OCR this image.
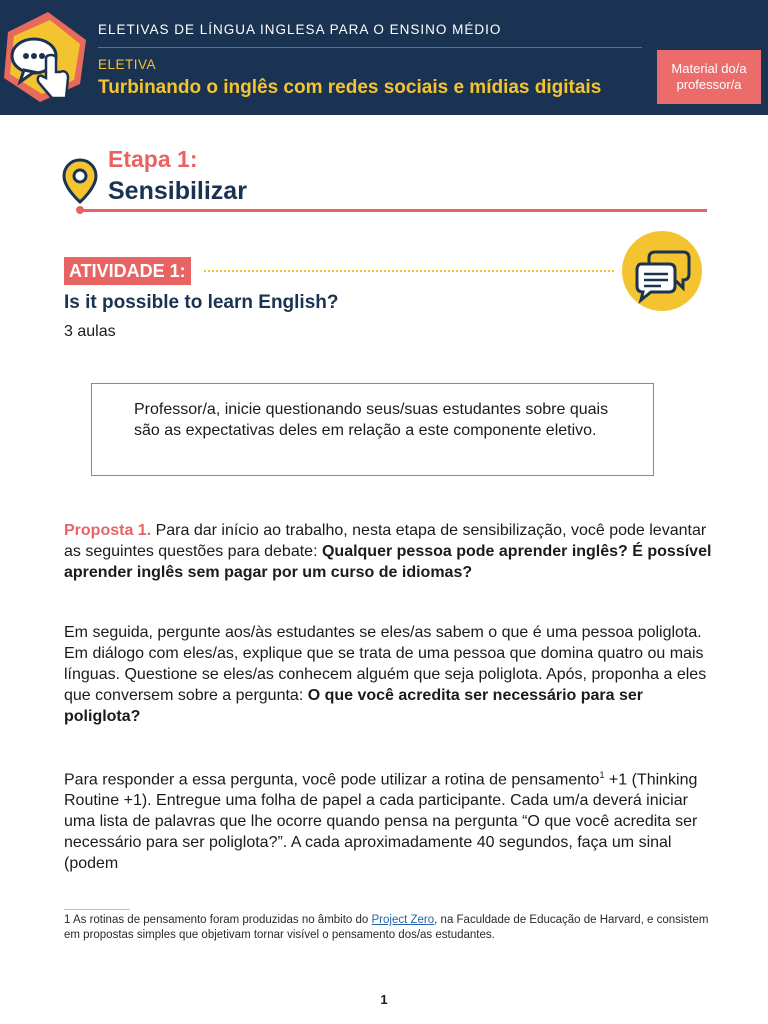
ELETIVAS DE LÍNGUA INGLESA PARA O ENSINO MÉDIO
ELETIVA
Turbinando o inglês com redes sociais e mídias digitais
Material do/a professor/a
Etapa 1:
Sensibilizar
ATIVIDADE 1:
Is it possible to learn English?
3 aulas
Professor/a, inicie questionando seus/suas estudantes sobre quais são as expectativas deles em relação a este componente eletivo.
Proposta 1. Para dar início ao trabalho, nesta etapa de sensibilização, você pode levantar as seguintes questões para debate: Qualquer pessoa pode aprender inglês? É possível aprender inglês sem pagar por um curso de idiomas?
Em seguida, pergunte aos/às estudantes se eles/as sabem o que é uma pessoa poliglota. Em diálogo com eles/as, explique que se trata de uma pessoa que domina quatro ou mais línguas. Questione se eles/as conhecem alguém que seja poliglota. Após, proponha a eles que conversem sobre a pergunta: O que você acredita ser necessário para ser poliglota?
Para responder a essa pergunta, você pode utilizar a rotina de pensamento$^1$ +1 (Thinking Routine +1). Entregue uma folha de papel a cada participante. Cada um/a deverá iniciar uma lista de palavras que lhe ocorre quando pensa na pergunta “O que você acredita ser necessário para ser poliglota?”. A cada aproximadamente 40 segundos, faça um sinal (podem
1 As rotinas de pensamento foram produzidas no âmbito do Project Zero, na Faculdade de Educação de Harvard, e consistem em propostas simples que objetivam tornar visível o pensamento dos/as estudantes.
1
